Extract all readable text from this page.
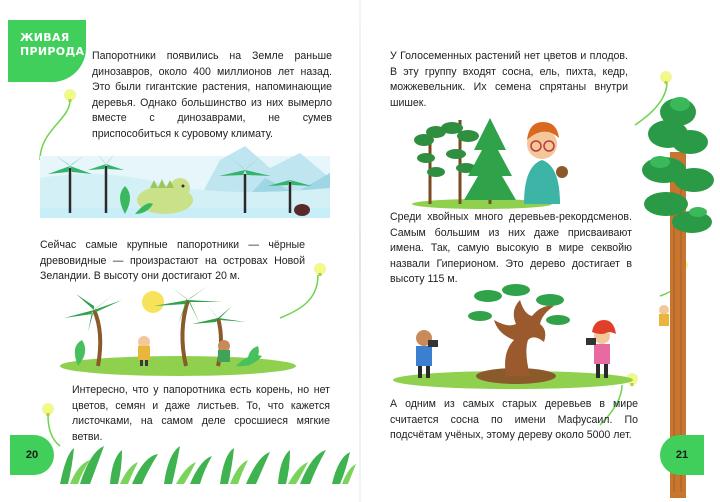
ЖИВАЯ
ПРИРОДА Папоротники появились на Земле раньше динозавров, около 400 миллионов лет назад. Это были гигантские растения, напоминающие деревья. Однако большинство из них вымерло вместе с динозаврами, не сумев приспособиться к суровому климату.
Сейчас самые крупные папоротники — чёрные древовидные — произрастают на островах Новой Зеландии. В высоту они достигают 20 м.
Интересно, что у папоротника есть корень, но нет цветов, семян и даже листьев. То, что кажется листочками, на самом деле сросшиеся мягкие ветви.
20
У Голосеменных растений нет цветов и плодов. В эту группу входят сосна, ель, пихта, кедр, можжевельник. Их семена спрятаны внутри шишек.
Среди хвойных много деревьев-рекордсменов. Самым большим из них даже присваивают имена. Так, самую высокую в мире секвойю назвали Гиперионом. Это дерево достигает в высоту 115 м.
А одним из самых старых деревьев в мире считается сосна по имени Мафусаил. По подсчётам учёных, этому дереву около 5000 лет.
21
